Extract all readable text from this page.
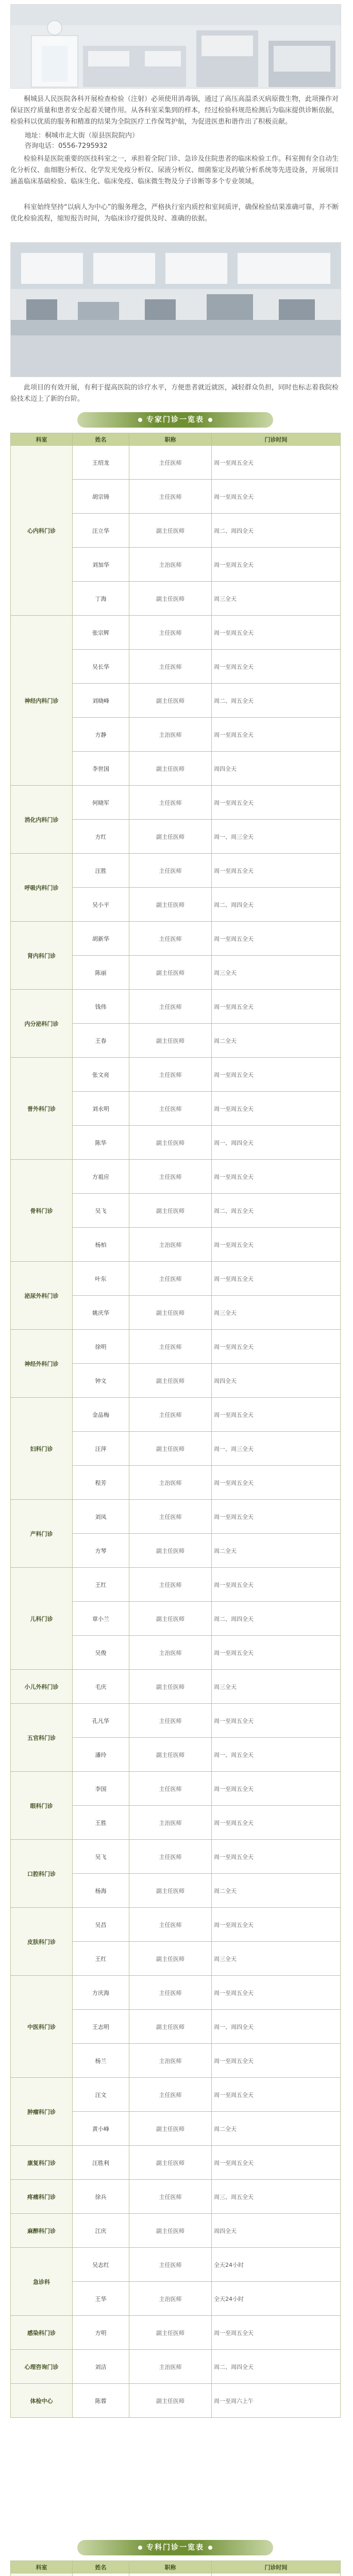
桐城县人民医院各科开展检查检验（注射）必须使用消毒锅，通过了高压高温杀灭病原微生物，此项操作对保证医疗质量和患者安全起着关键作用。从各科室采集到的样本，经过检验科规范检测后为临床提供诊断依据，检验科以优质的服务和精准的结果为全院医疗工作保驾护航，为促进医患和谐作出了积极贡献。

地址：桐城市北大街（原县医院院内）
咨询电话：0556-7295932

检验科是医院重要的医技科室之一，承担着全院门诊、急诊及住院患者的临床检验工作。科室拥有全自动生化分析仪、血细胞分析仪、化学发光免疫分析仪、尿液分析仪、细菌鉴定及药敏分析系统等先进设备，开展项目涵盖临床基础检验、临床生化、临床免疫、临床微生物及分子诊断等多个专业领域。

科室始终坚持“以病人为中心”的服务理念，严格执行室内质控和室间质评，确保检验结果准确可靠，并不断优化检验流程，缩短报告时间，为临床诊疗提供及时、准确的依据。

此项目的有效开展，有利于提高医院的诊疗水平，方便患者就近就医，减轻群众负担，同时也标志着我院检验技术迈上了新的台阶。

专家门诊一览表
科室	姓名	职称	门诊时间
心内科门诊	王绍龙	主任医师	周一至周五全天
	胡宗铸	主任医师	周一至周五全天
	汪立华	副主任医师	周二、周四全天
	刘加华	主治医师	周一至周五全天
	丁海	副主任医师	周三全天
神经内科门诊	张宗辉	主任医师	周一至周五全天
	吴长华	主任医师	周一至周五全天
	刘晓峰	副主任医师	周二、周五全天
	方静	主治医师	周一至周五全天
	李世国	副主任医师	周四全天
消化内科门诊	何晓军	主任医师	周一至周五全天
	方红	副主任医师	周一、周三全天
呼吸内科门诊	汪胜	主任医师	周一至周五全天
	吴小平	副主任医师	周二、周四全天
肾内科门诊	胡新华	主任医师	周一至周五全天
	陈丽	副主任医师	周三全天
内分泌科门诊	钱伟	主任医师	周一至周五全天
	王春	副主任医师	周二全天
普外科门诊	张文亮	主任医师	周一至周五全天
	刘永明	主任医师	周一至周五全天
	陈华	副主任医师	周一、周四全天
骨科门诊	方祖应	主任医师	周一至周五全天
	吴飞	副主任医师	周二、周五全天
	杨柏	主治医师	周一至周五全天
泌尿外科门诊	叶东	主任医师	周一至周五全天
	姚庆华	副主任医师	周三全天
神经外科门诊	徐明	主任医师	周一至周五全天
	钟文	副主任医师	周四全天
妇科门诊	金品梅	主任医师	周一至周五全天
	汪萍	副主任医师	周一、周三全天
	程芳	主治医师	周一至周五全天
产科门诊	刘凤	主任医师	周一至周五全天
	方琴	副主任医师	周二全天
儿科门诊	王红	主任医师	周一至周五全天
	章小兰	副主任医师	周二、周四全天
	吴俊	主治医师	周一至周五全天
小儿外科门诊	毛庆	副主任医师	周三全天
五官科门诊	孔凡华	主任医师	周一至周五全天
	潘玲	副主任医师	周一、周五全天
眼科门诊	李国	主任医师	周一至周五全天
	王胜	主治医师	周一至周五全天
口腔科门诊	吴飞	主任医师	周一至周五全天
	杨海	副主任医师	周二全天
皮肤科门诊	吴昌	主任医师	周一至周五全天
	王红	副主任医师	周三全天
中医科门诊	方庆海	主任医师	周一至周五全天
	王志明	副主任医师	周一、周四全天
	杨兰	主治医师	周一至周五全天
肿瘤科门诊	汪文	主任医师	周一至周五全天
	黄小峰	副主任医师	周二全天
康复科门诊	汪胜利	副主任医师	周一至周五全天
疼痛科门诊	徐兵	主任医师	周三、周五全天
麻醉科门诊	江庆	副主任医师	周四全天
急诊科	吴志红	主任医师	全天24小时
	王华	主治医师	全天24小时
感染科门诊	方明	副主任医师	周一至周五全天
心理咨询门诊	刘洁	主治医师	周二、周四全天
体检中心	陈蓉	副主任医师	周一至周六上午
专科门诊一览表
科室	姓名	职称	门诊时间
